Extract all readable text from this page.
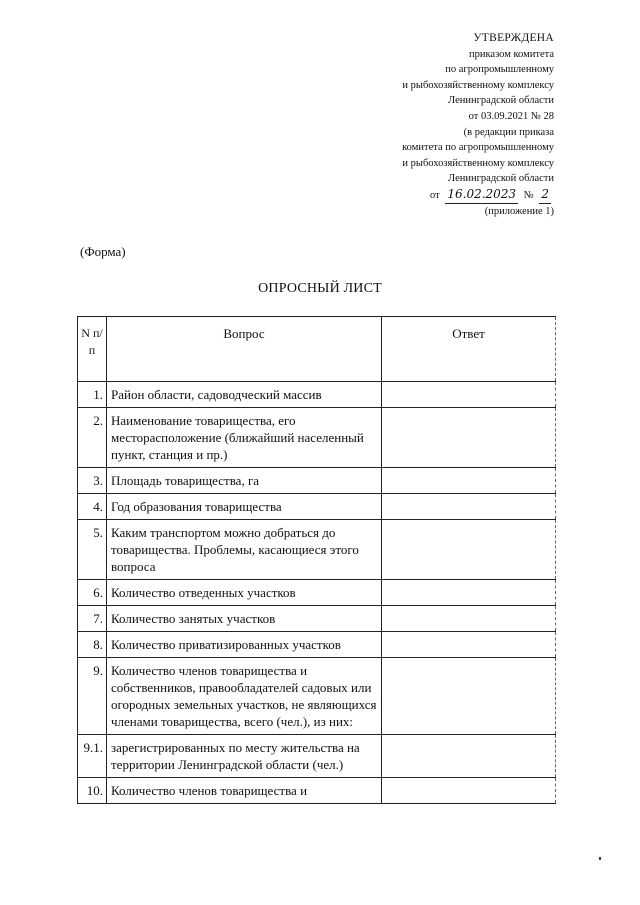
УТВЕРЖДЕНА
приказом комитета
по агропромышленному
и рыбохозяйственному комплексу
Ленинградской области
от 03.09.2021 № 28
(в редакции приказа
комитета по агропромышленному
и рыбохозяйственному комплексу
Ленинградской области
от 16.02.2023 № 2
(приложение 1)
(Форма)
ОПРОСНЫЙ ЛИСТ
N п/п	Вопрос	Ответ
1.	Район области, садоводческий массив	
2.	Наименование товарищества, его месторасположение (ближайший населенный пункт, станция и пр.)	
3.	Площадь товарищества, га	
4.	Год образования товарищества	
5.	Каким транспортом можно добраться до товарищества. Проблемы, касающиеся этого вопроса	
6.	Количество отведенных участков	
7.	Количество занятых участков	
8.	Количество приватизированных участков	
9.	Количество членов товарищества и собственников, правообладателей садовых или огородных земельных участков, не являющихся членами товарищества, всего (чел.), из них:	
9.1.	зарегистрированных по месту жительства на территории Ленинградской области (чел.)	
10.	Количество членов товарищества и	
